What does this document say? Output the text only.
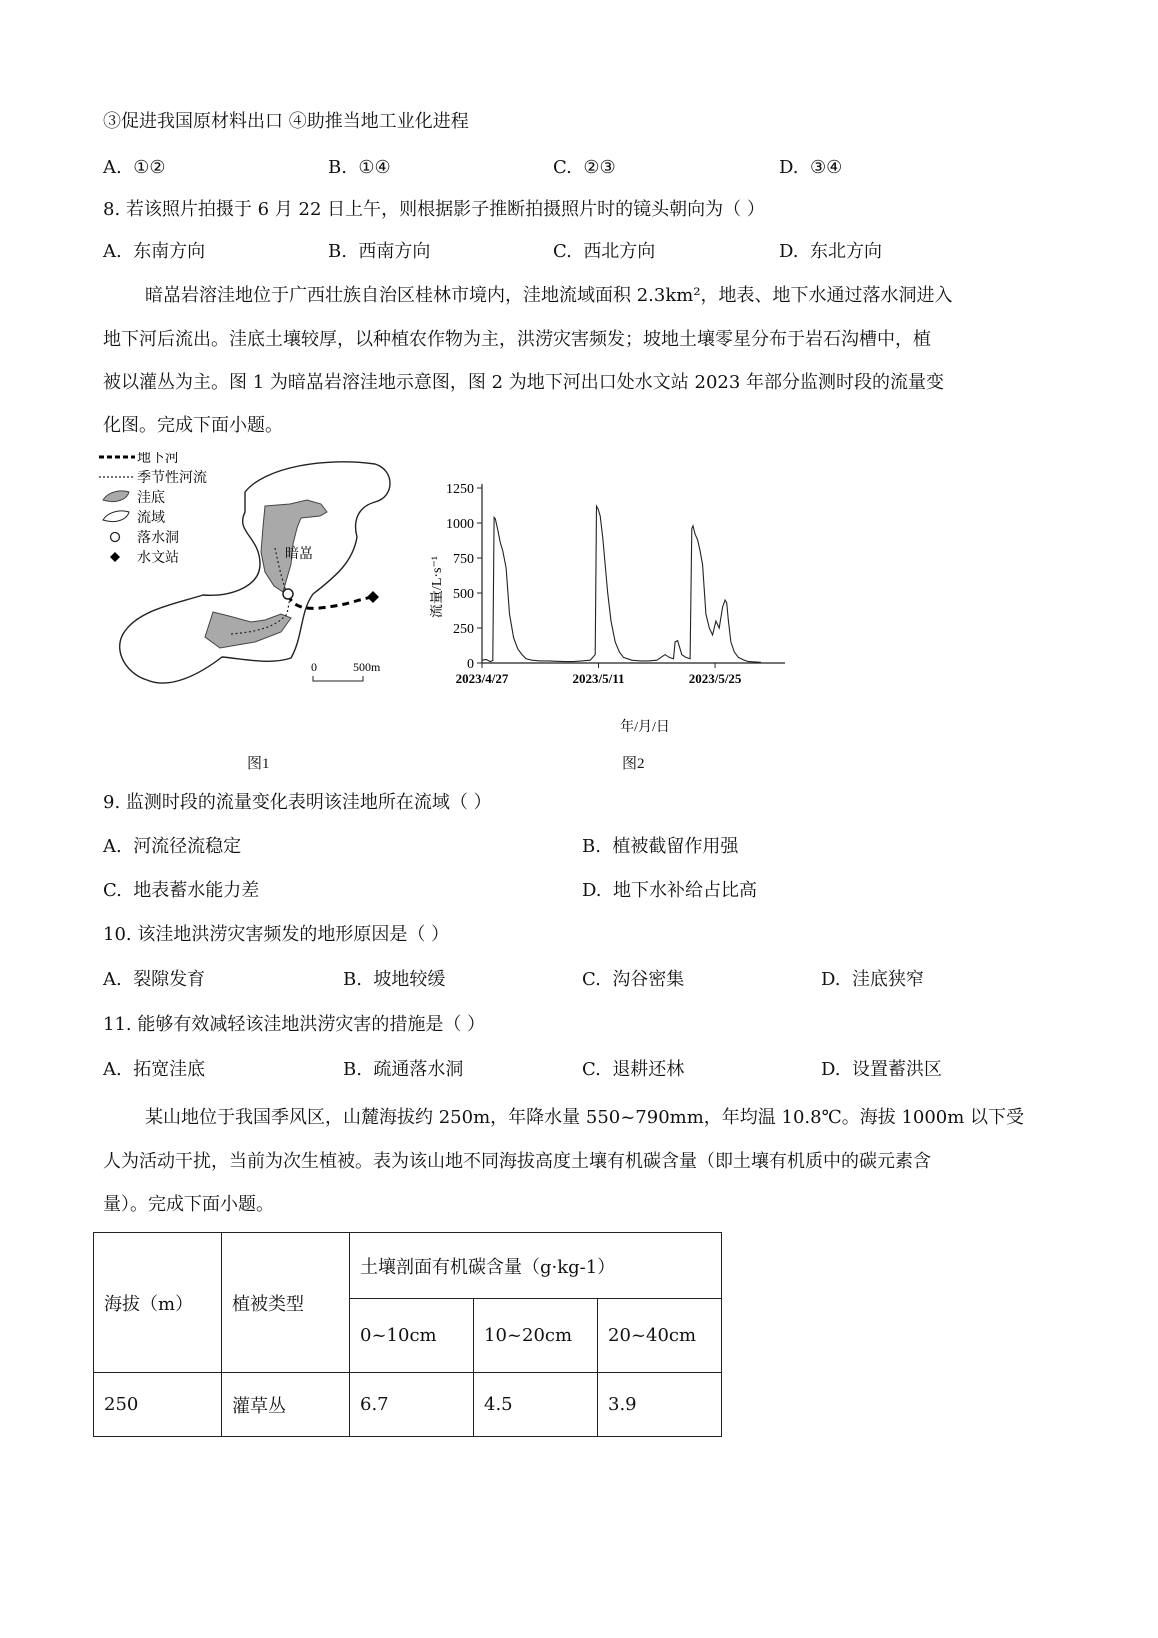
③促进我国原材料出口 ④助推当地工业化进程
A. ①②	B. ①④	C. ②③	D. ③④
8. 若该照片拍摄于 6 月 22 日上午，则根据影子推断拍摄照片时的镜头朝向为（ ）
A. 东南方向	B. 西南方向	C. 西北方向	D. 东北方向
暗嵓岩溶洼地位于广西壮族自治区桂林市境内，洼地流域面积 2.3km²，地表、地下水通过落水洞进入
地下河后流出。洼底土壤较厚，以种植农作物为主，洪涝灾害频发；坡地土壤零星分布于岩石沟槽中，植
被以灌丛为主。图 1 为暗嵓岩溶洼地示意图，图 2 为地下河出口处水文站 2023 年部分监测时段的流量变
化图。完成下面小题。
暗嵓
0	500m
地下河
季节性河流
洼底
流域
落水洞
水文站
图1
0
250
500
750
1000
1250
2023/4/27	2023/5/11	2023/5/25
流量/L·s⁻¹
年/月/日
图2
9. 监测时段的流量变化表明该洼地所在流域（ ）
A. 河流径流稳定	B. 植被截留作用强
C. 地表蓄水能力差	D. 地下水补给占比高
10. 该洼地洪涝灾害频发的地形原因是（ ）
A. 裂隙发育	B. 坡地较缓	C. 沟谷密集	D. 洼底狭窄
11. 能够有效减轻该洼地洪涝灾害的措施是（ ）
A. 拓宽洼底	B. 疏通落水洞	C. 退耕还林	D. 设置蓄洪区
某山地位于我国季风区，山麓海拔约 250m，年降水量 550~790mm，年均温 10.8℃。海拔 1000m 以下受
人为活动干扰，当前为次生植被。表为该山地不同海拔高度土壤有机碳含量（即土壤有机质中的碳元素含
量）。完成下面小题。
海拔（m）	植被类型	土壤剖面有机碳含量（g·kg-1）		
		0~10cm	10~20cm	20~40cm
250	灌草丛	6.7	4.5	3.9
